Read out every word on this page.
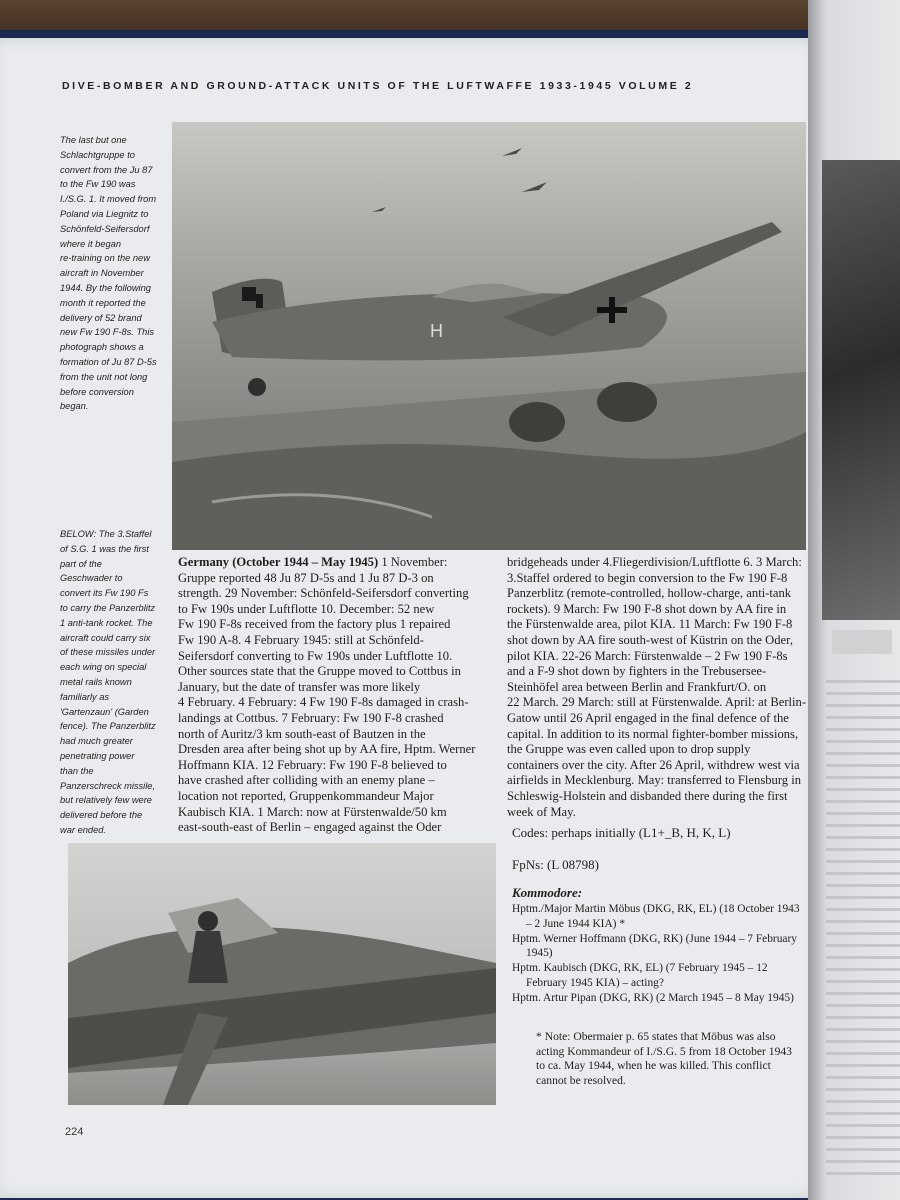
DIVE-BOMBER AND GROUND-ATTACK UNITS OF THE LUFTWAFFE 1933-1945 VOLUME 2
The last but one
Schlachtgruppe to
convert from the Ju 87
to the Fw 190 was
I./S.G. 1. It moved from
Poland via Liegnitz to
Schönfeld-Seifersdorf
where it began
re-training on the new
aircraft in November
1944. By the following
month it reported the
delivery of 52 brand
new Fw 190 F-8s. This
photograph shows a
formation of Ju 87 D-5s
from the unit not long
before conversion
began.
BELOW: The 3.Staffel
of S.G. 1 was the first
part of the
Geschwader to
convert its Fw 190 Fs
to carry the Panzerblitz
1 anti-tank rocket. The
aircraft could carry six
of these missiles under
each wing on special
metal rails known
familiarly as
'Gartenzaun' (Garden
fence). The Panzerblitz
had much greater
penetrating power
than the
Panzerschreck missile,
but relatively few were
delivered before the
war ended.
H
Germany (October 1944 – May 1945) 1 November:
Gruppe reported 48 Ju 87 D-5s and 1 Ju 87 D-3 on
strength. 29 November: Schönfeld-Seifersdorf converting
to Fw 190s under Luftflotte 10. December: 52 new
Fw 190 F-8s received from the factory plus 1 repaired
Fw 190 A-8. 4 February 1945: still at Schönfeld-
Seifersdorf converting to Fw 190s under Luftflotte 10.
Other sources state that the Gruppe moved to Cottbus in
January, but the date of transfer was more likely
4 February. 4 February: 4 Fw 190 F-8s damaged in crash-
landings at Cottbus. 7 February: Fw 190 F-8 crashed
north of Auritz/3 km south-east of Bautzen in the
Dresden area after being shot up by AA fire, Hptm. Werner
Hoffmann KIA. 12 February: Fw 190 F-8 believed to
have crashed after colliding with an enemy plane –
location not reported, Gruppenkommandeur Major
Kaubisch KIA. 1 March: now at Fürstenwalde/50 km
east-south-east of Berlin – engaged against the Oder
bridgeheads under 4.Fliegerdivision/Luftflotte 6. 3 March:
3.Staffel ordered to begin conversion to the Fw 190 F-8
Panzerblitz (remote-controlled, hollow-charge, anti-tank
rockets). 9 March: Fw 190 F-8 shot down by AA fire in
the Fürstenwalde area, pilot KIA. 11 March: Fw 190 F-8
shot down by AA fire south-west of Küstrin on the Oder,
pilot KIA. 22-26 March: Fürstenwalde – 2 Fw 190 F-8s
and a F-9 shot down by fighters in the Trebusersee-
Steinhöfel area between Berlin and Frankfurt/O. on
22 March. 29 March: still at Fürstenwalde. April: at Berlin-
Gatow until 26 April engaged in the final defence of the
capital. In addition to its normal fighter-bomber missions,
the Gruppe was even called upon to drop supply
containers over the city. After 26 April, withdrew west via
airfields in Mecklenburg. May: transferred to Flensburg in
Schleswig-Holstein and disbanded there during the first
week of May.
Codes: perhaps initially (L1+_B, H, K, L)
FpNs: (L 08798)
Kommodore:

Hptm./Major Martin Möbus (DKG, RK, EL) (18 October 1943 – 2 June 1944 KIA) *

Hptm. Werner Hoffmann (DKG, RK) (June 1944 – 7 February 1945)

Hptm. Kaubisch (DKG, RK, EL) (7 February 1945 – 12 February 1945 KIA) – acting?

Hptm. Artur Pipan (DKG, RK) (2 March 1945 – 8 May 1945)

* Note: Obermaier p. 65 states that Möbus was also acting Kommandeur of I./S.G. 5 from 18 October 1943 to ca. May 1944, when he was killed. This conflict cannot be resolved.
224
